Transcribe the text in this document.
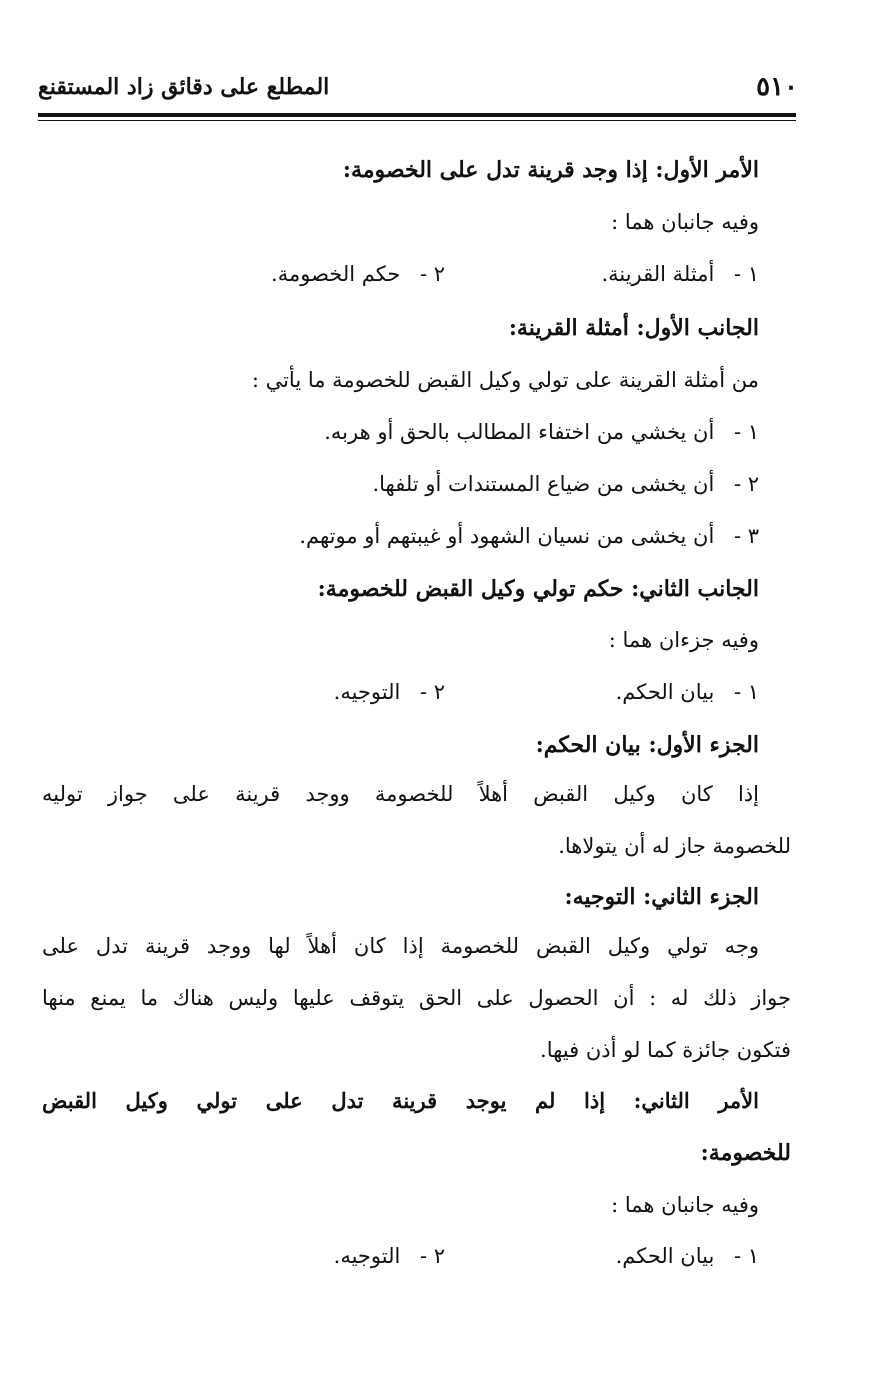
٥١٠
المطلع على دقائق زاد المستقنع
الأمر الأول: إذا وجد قرينة تدل على الخصومة:
وفيه جانبان هما :
١ - أمثلة القرينة.
٢ - حكم الخصومة.
الجانب الأول: أمثلة القرينة:
من أمثلة القرينة على تولي وكيل القبض للخصومة ما يأتي :
١ - أن يخشي من اختفاء المطالب بالحق أو هربه.
٢ - أن يخشى من ضياع المستندات أو تلفها.
٣ - أن يخشى من نسيان الشهود أو غيبتهم أو موتهم.
الجانب الثاني: حكم تولي وكيل القبض للخصومة:
وفيه جزءان هما :
١ - بيان الحكم.
٢ - التوجيه.
الجزء الأول: بيان الحكم:
إذا كان وكيل القبض أهلاً للخصومة ووجد قرينة على جواز توليه
للخصومة جاز له أن يتولاها.
الجزء الثاني: التوجيه:
وجه تولي وكيل القبض للخصومة إذا كان أهلاً لها ووجد قرينة تدل على
جواز ذلك له : أن الحصول على الحق يتوقف عليها وليس هناك ما يمنع منها
فتكون جائزة كما لو أذن فيها.
الأمر الثاني: إذا لم يوجد قرينة تدل على تولي وكيل القبض
للخصومة:
وفيه جانبان هما :
١ - بيان الحكم.
٢ - التوجيه.
